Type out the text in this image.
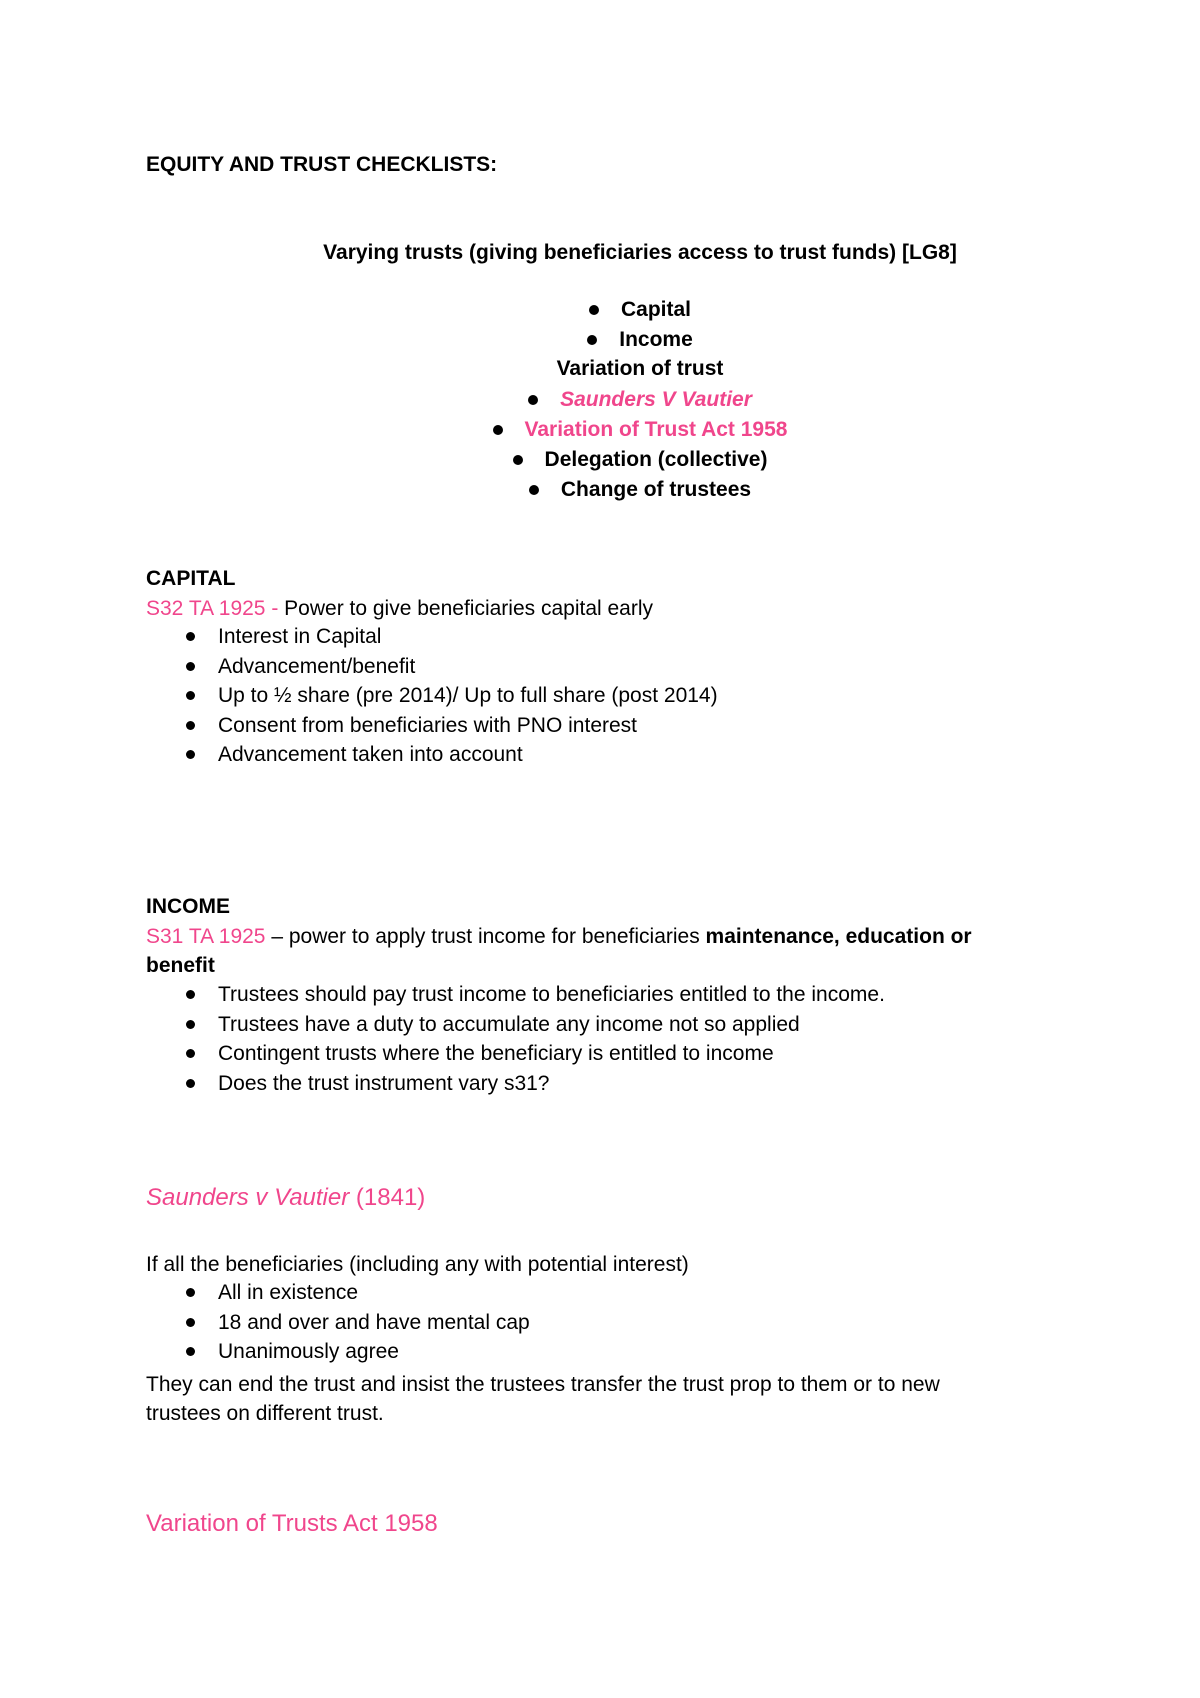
EQUITY AND TRUST CHECKLISTS:
Varying trusts (giving beneficiaries access to trust funds) [LG8]
Capital
Income
Variation of trust
Saunders V Vautier
Variation of Trust Act 1958
Delegation (collective)
Change of trustees
CAPITAL
S32 TA 1925 - Power to give beneficiaries capital early
Interest in Capital
Advancement/benefit
Up to ½ share (pre 2014)/ Up to full share (post 2014)
Consent from beneficiaries with PNO interest
Advancement taken into account
INCOME
S31 TA 1925 – power to apply trust income for beneficiaries maintenance, education or
benefit
Trustees should pay trust income to beneficiaries entitled to the income.
Trustees have a duty to accumulate any income not so applied
Contingent trusts where the beneficiary is entitled to income
Does the trust instrument vary s31?
Saunders v Vautier (1841)
If all the beneficiaries (including any with potential interest)
All in existence
18 and over and have mental cap
Unanimously agree
They can end the trust and insist the trustees transfer the trust prop to them or to new
trustees on different trust.
Variation of Trusts Act 1958
